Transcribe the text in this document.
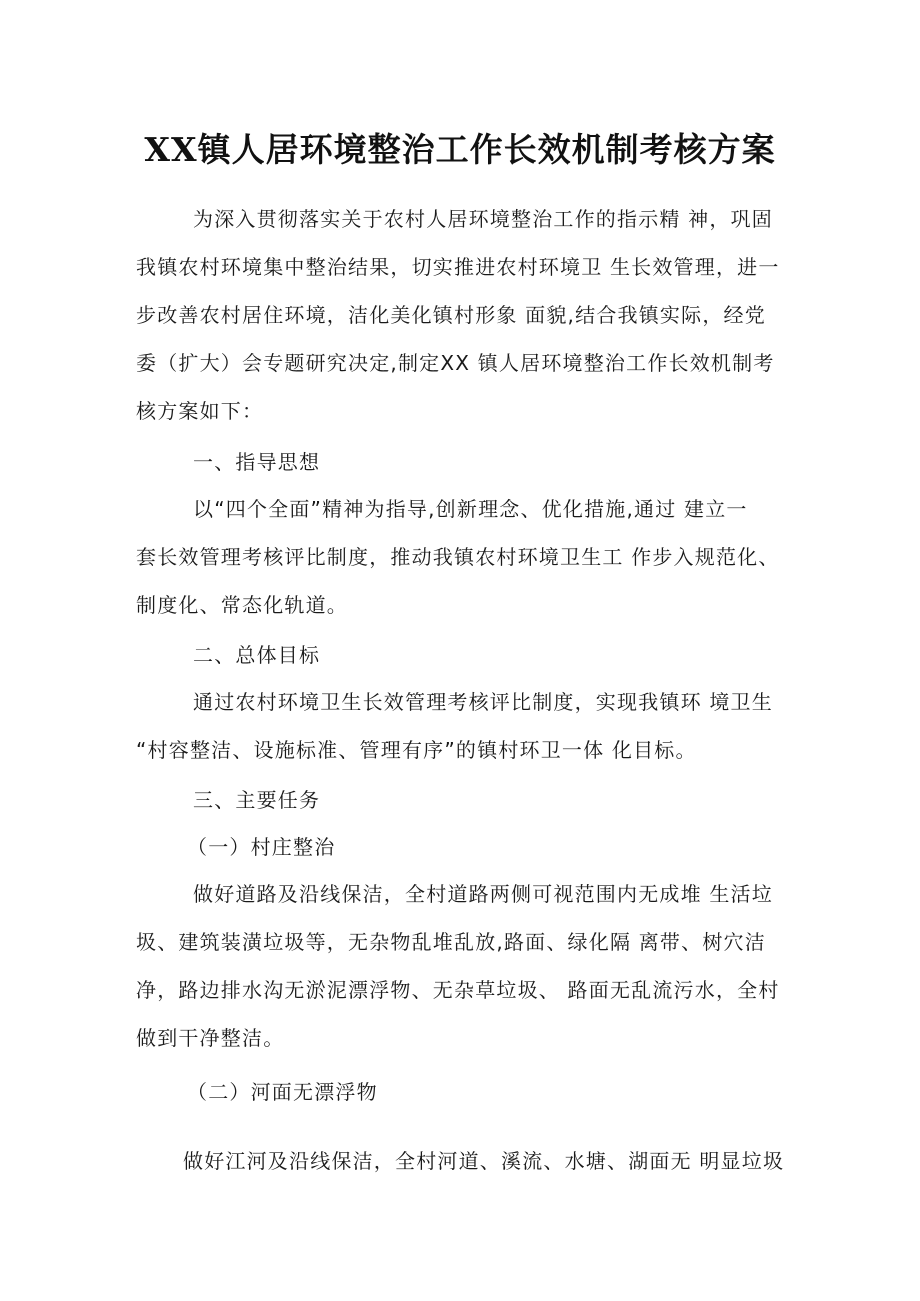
XX镇人居环境整治工作长效机制考核方案
为深入贯彻落实关于农村人居环境整治工作的指示精 神，巩固
我镇农村环境集中整治结果，切实推进农村环境卫 生长效管理，进一
步改善农村居住环境，洁化美化镇村形象 面貌,结合我镇实际，经党
委（扩大）会专题研究决定,制定XX 镇人居环境整治工作长效机制考
核方案如下：
一、指导思想
以“四个全面”精神为指导,创新理念、优化措施,通过 建立一
套长效管理考核评比制度，推动我镇农村环境卫生工 作步入规范化、
制度化、常态化轨道。
二、总体目标
通过农村环境卫生长效管理考核评比制度，实现我镇环 境卫生
“村容整洁、设施标准、管理有序”的镇村环卫一体 化目标。
三、主要任务
（一）村庄整治
做好道路及沿线保洁，全村道路两侧可视范围内无成堆 生活垃
圾、建筑装潢垃圾等，无杂物乱堆乱放,路面、绿化隔 离带、树穴洁
净，路边排水沟无淤泥漂浮物、无杂草垃圾、 路面无乱流污水，全村
做到干净整洁。
（二）河面无漂浮物
做好江河及沿线保洁，全村河道、溪流、水塘、湖面无 明显垃圾
